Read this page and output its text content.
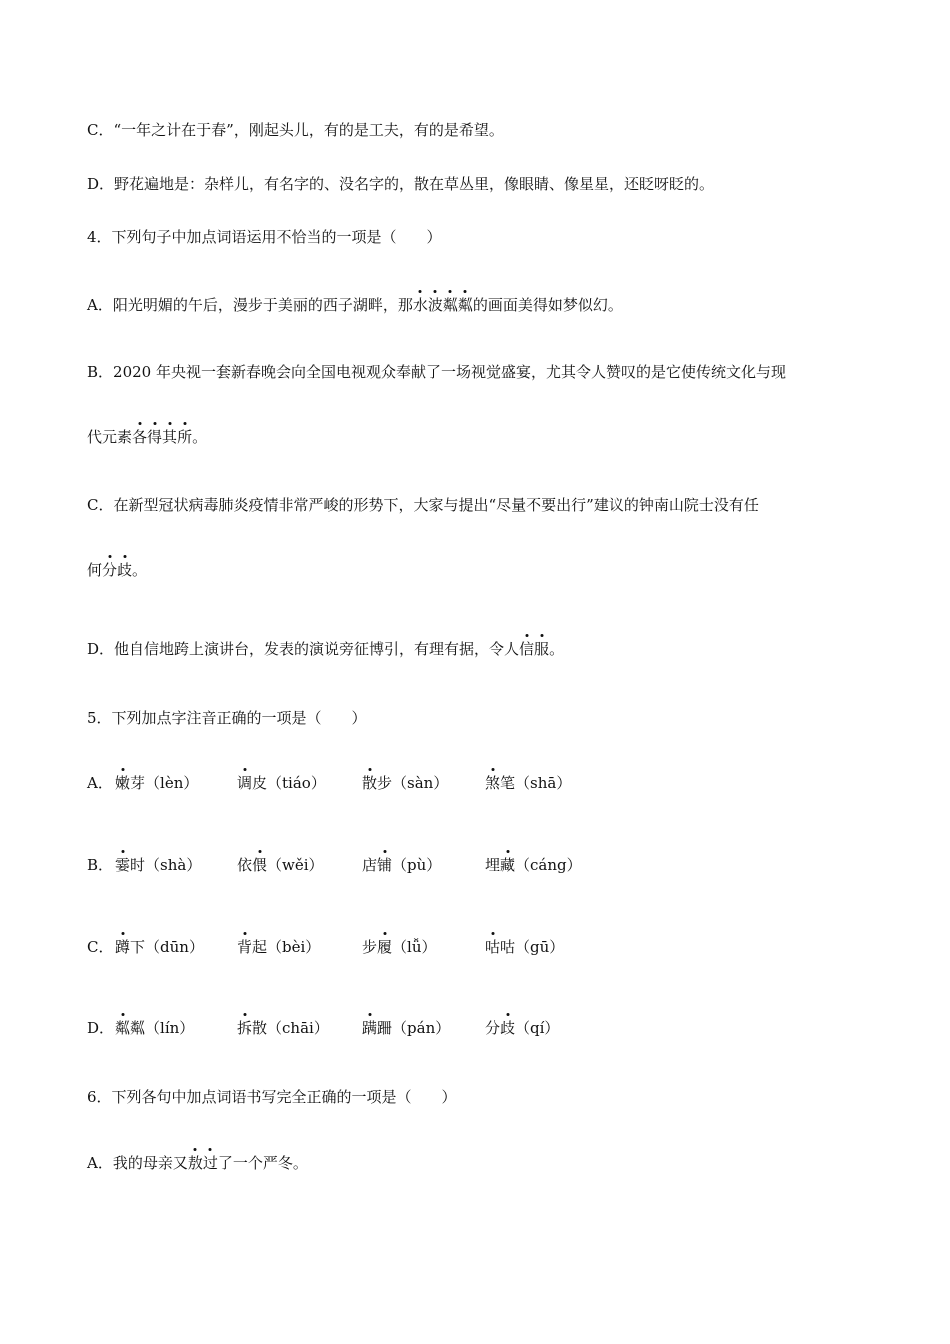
C．“一年之计在于春”，刚起头儿，有的是工夫，有的是希望。
D．野花遍地是：杂样儿，有名字的、没名字的，散在草丛里，像眼睛、像星星，还眨呀眨的。
4．下列句子中加点词语运用不恰当的一项是（　　）
A．阳光明媚的午后，漫步于美丽的西子湖畔，那水波粼粼的画面美得如梦似幻。
B．2020 年央视一套新春晚会向全国电视观众奉献了一场视觉盛宴，尤其令人赞叹的是它使传统文化与现
代元素各得其所。
C．在新型冠状病毒肺炎疫情非常严峻的形势下，大家与提出“尽量不要出行”建议的钟南山院士没有任
何分歧。
D．他自信地跨上演讲台，发表的演说旁征博引，有理有据，令人信服。
5．下列加点字注音正确的一项是（　　）
A． 嫩芽（lèn）	调皮（tiáo） 散步（sàn） 煞笔（shā）
B． 霎时（shà） 依偎（wěi）	店铺（pù）	埋藏（cáng）
C． 蹲下（dūn） 背起（bèi）	步履（lǚ）	咕咕（gū）
D． 粼粼（lín）	拆散（chāi） 蹒跚（pán） 分歧（qí）
6．下列各句中加点词语书写完全正确的一项是（　　）
A．我的母亲又敖过了一个严冬。
